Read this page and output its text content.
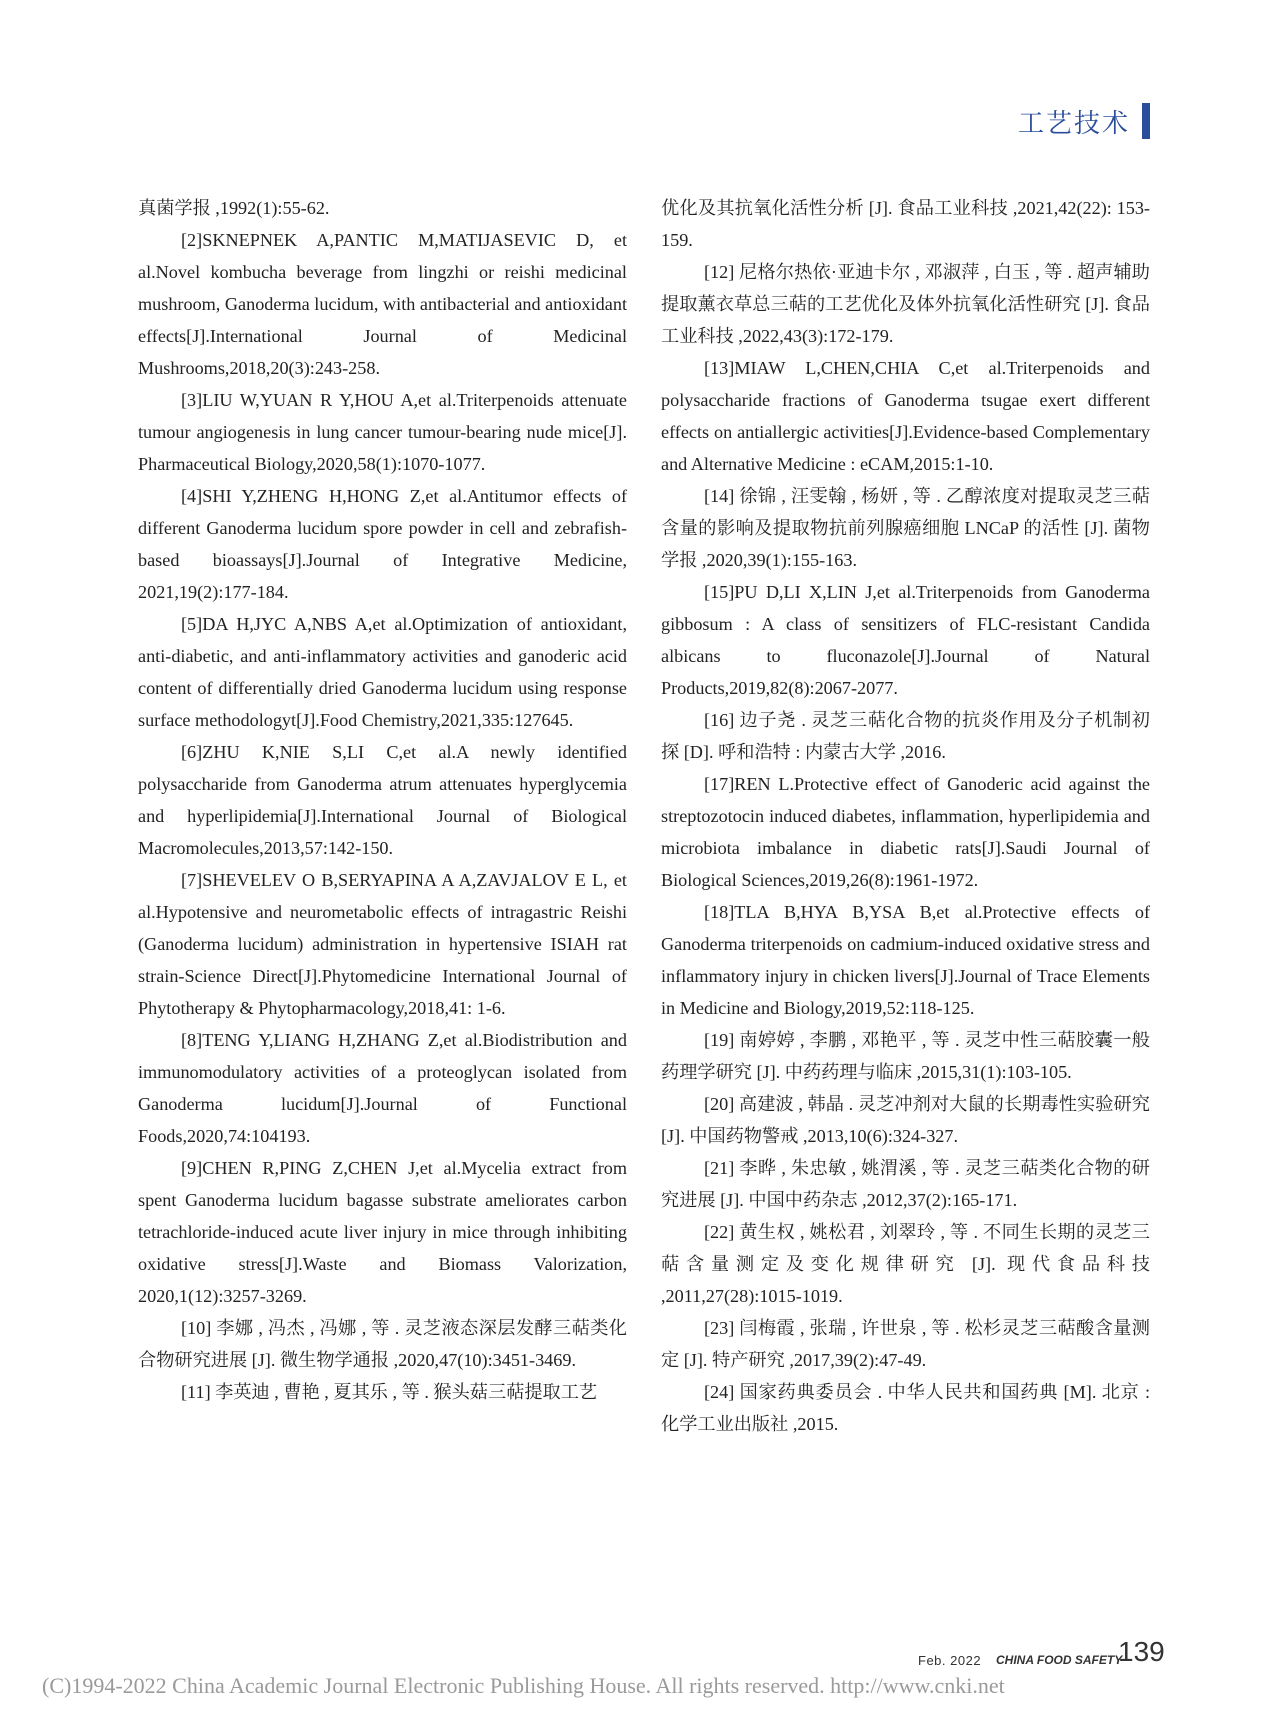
工艺技术

真菌学报 ,1992(1):55-62.

[2]SKNEPNEK A,PANTIC M,MATIJASEVIC D, et al.Novel kombucha beverage from lingzhi or reishi medicinal mushroom, Ganoderma lucidum, with antibacterial and antioxidant effects[J].International Journal of Medicinal Mushrooms,2018,20(3):243-258.

[3]LIU W,YUAN R Y,HOU A,et al.Triterpenoids attenuate tumour angiogenesis in lung cancer tumour-bearing nude mice[J]. Pharmaceutical Biology,2020,58(1):1070-1077.

[4]SHI Y,ZHENG H,HONG Z,et al.Antitumor effects of different Ganoderma lucidum spore powder in cell and zebrafish-based bioassays[J].Journal of Integrative Medicine, 2021,19(2):177-184.

[5]DA H,JYC A,NBS A,et al.Optimization of antioxidant, anti-diabetic, and anti-inflammatory activities and ganoderic acid content of differentially dried Ganoderma lucidum using response surface methodologyt[J].Food Chemistry,2021,335:127645.

[6]ZHU K,NIE S,LI C,et al.A newly identified polysaccharide from Ganoderma atrum attenuates hyperglycemia and hyperlipidemia[J].International Journal of Biological Macromolecules,2013,57:142-150.

[7]SHEVELEV O B,SERYAPINA A A,ZAVJALOV E L, et al.Hypotensive and neurometabolic effects of intragastric Reishi (Ganoderma lucidum) administration in hypertensive ISIAH rat strain-Science Direct[J].Phytomedicine International Journal of Phytotherapy & Phytopharmacology,2018,41: 1-6.

[8]TENG Y,LIANG H,ZHANG Z,et al.Biodistribution and immunomodulatory activities of a proteoglycan isolated from Ganoderma lucidum[J].Journal of Functional Foods,2020,74:104193.

[9]CHEN R,PING Z,CHEN J,et al.Mycelia extract from spent Ganoderma lucidum bagasse substrate ameliorates carbon tetrachloride-induced acute liver injury in mice through inhibiting oxidative stress[J].Waste and Biomass Valorization, 2020,1(12):3257-3269.

[10] 李娜 , 冯杰 , 冯娜 , 等 . 灵芝液态深层发酵三萜类化合物研究进展 [J]. 微生物学通报 ,2020,47(10):3451-3469.

[11] 李英迪 , 曹艳 , 夏其乐 , 等 . 猴头菇三萜提取工艺

优化及其抗氧化活性分析 [J]. 食品工业科技 ,2021,42(22): 153-159.

[12] 尼格尔热依·亚迪卡尔 , 邓淑萍 , 白玉 , 等 . 超声辅助提取薰衣草总三萜的工艺优化及体外抗氧化活性研究 [J]. 食品工业科技 ,2022,43(3):172-179.

[13]MIAW L,CHEN,CHIA C,et al.Triterpenoids and polysaccharide fractions of Ganoderma tsugae exert different effects on antiallergic activities[J].Evidence-based Complementary and Alternative Medicine : eCAM,2015:1-10.

[14] 徐锦 , 汪雯翰 , 杨妍 , 等 . 乙醇浓度对提取灵芝三萜含量的影响及提取物抗前列腺癌细胞 LNCaP 的活性 [J]. 菌物学报 ,2020,39(1):155-163.

[15]PU D,LI X,LIN J,et al.Triterpenoids from Ganoderma gibbosum : A class of sensitizers of FLC-resistant Candida albicans to fluconazole[J].Journal of Natural Products,2019,82(8):2067-2077.

[16] 边子尧 . 灵芝三萜化合物的抗炎作用及分子机制初探 [D]. 呼和浩特 : 内蒙古大学 ,2016.

[17]REN L.Protective effect of Ganoderic acid against the streptozotocin induced diabetes, inflammation, hyperlipidemia and microbiota imbalance in diabetic rats[J].Saudi Journal of Biological Sciences,2019,26(8):1961-1972.

[18]TLA B,HYA B,YSA B,et al.Protective effects of Ganoderma triterpenoids on cadmium-induced oxidative stress and inflammatory injury in chicken livers[J].Journal of Trace Elements in Medicine and Biology,2019,52:118-125.

[19] 南婷婷 , 李鹏 , 邓艳平 , 等 . 灵芝中性三萜胶囊一般药理学研究 [J]. 中药药理与临床 ,2015,31(1):103-105.

[20] 高建波 , 韩晶 . 灵芝冲剂对大鼠的长期毒性实验研究 [J]. 中国药物警戒 ,2013,10(6):324-327.

[21] 李晔 , 朱忠敏 , 姚渭溪 , 等 . 灵芝三萜类化合物的研究进展 [J]. 中国中药杂志 ,2012,37(2):165-171.

[22] 黄生权 , 姚松君 , 刘翠玲 , 等 . 不同生长期的灵芝三萜含量测定及变化规律研究 [J]. 现代食品科技 ,2011,27(28):1015-1019.

[23] 闫梅霞 , 张瑞 , 许世泉 , 等 . 松杉灵芝三萜酸含量测定 [J]. 特产研究 ,2017,39(2):47-49.

[24] 国家药典委员会 . 中华人民共和国药典 [M]. 北京 : 化学工业出版社 ,2015.

Feb. 2022 CHINA FOOD SAFETY
139
(C)1994-2022 China Academic Journal Electronic Publishing House. All rights reserved. http://www.cnki.net
